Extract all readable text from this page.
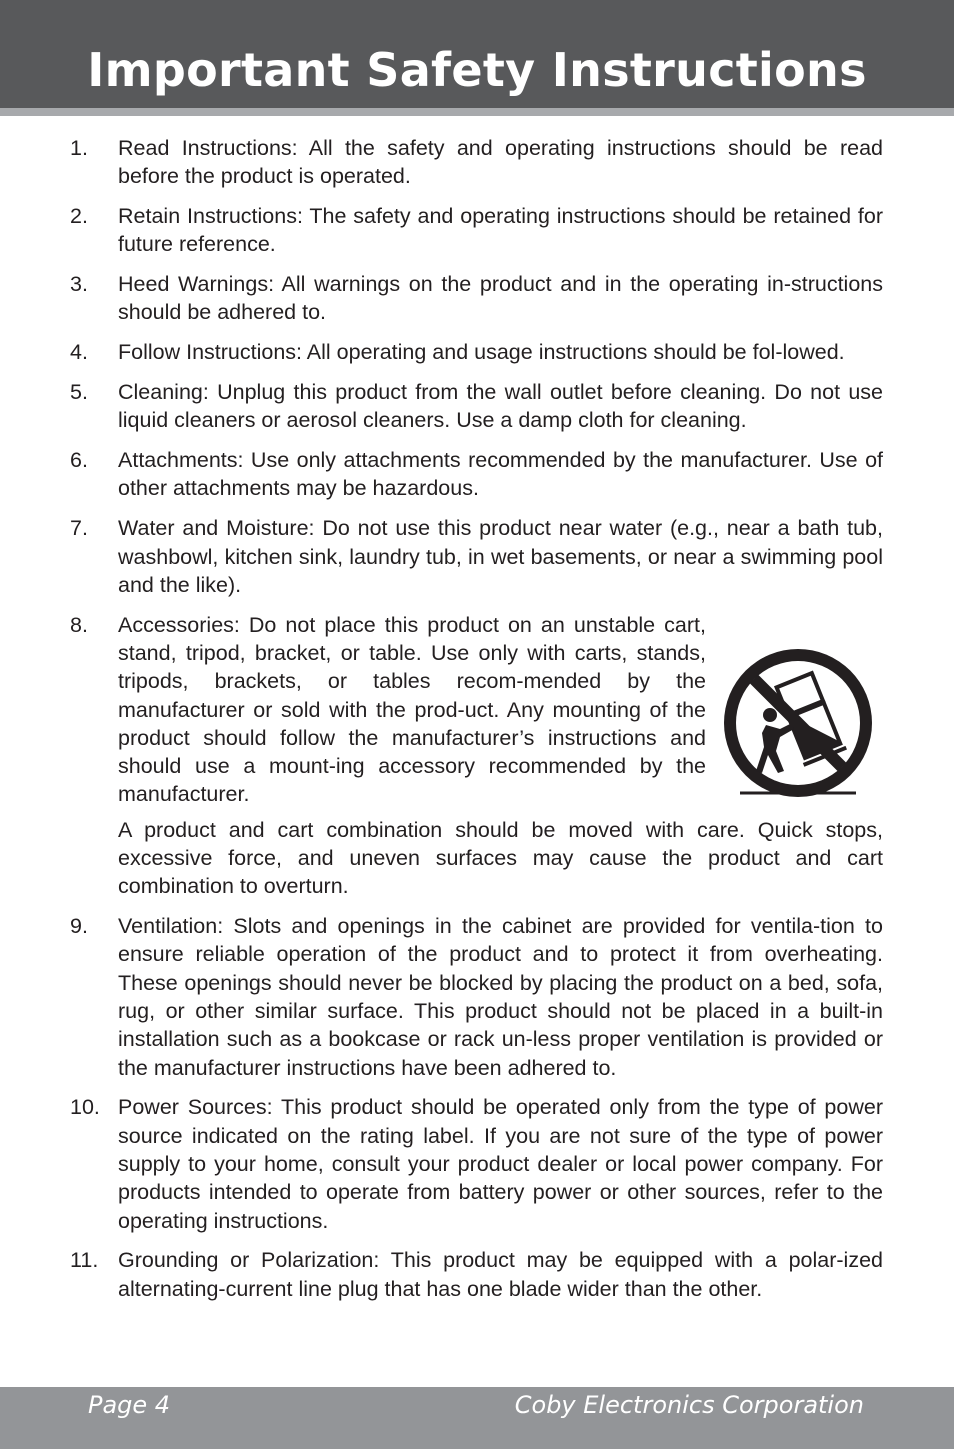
Important Safety Instructions
1. Read Instructions: All the safety and operating instructions should be read before the product is operated.

2. Retain Instructions: The safety and operating instructions should be retained for future reference.

3. Heed Warnings: All warnings on the product and in the operating in-structions should be adhered to.

4. Follow Instructions: All operating and usage instructions should be fol-lowed.

5. Cleaning: Unplug this product from the wall outlet before cleaning. Do not use liquid cleaners or aerosol cleaners. Use a damp cloth for cleaning.

6. Attachments: Use only attachments recommended by the manufacturer. Use of other attachments may be hazardous.

7. Water and Moisture: Do not use this product near water (e.g., near a bath tub, washbowl, kitchen sink, laundry tub, in wet basements, or near a swimming pool and the like).

8. Accessories: Do not place this product on an unstable cart, stand, tripod, bracket, or table. Use only with carts, stands, tripods, brackets, or tables recom-mended by the manufacturer or sold with the prod-uct. Any mounting of the product should follow the manufacturer’s instructions and should use a mount-ing accessory recommended by the manufacturer.

A product and cart combination should be moved with care. Quick stops, excessive force, and uneven surfaces may cause the product and cart combination to overturn.

9. Ventilation: Slots and openings in the cabinet are provided for ventila-tion to ensure reliable operation of the product and to protect it from overheating. These openings should never be blocked by placing the product on a bed, sofa, rug, or other similar surface. This product should not be placed in a built-in installation such as a bookcase or rack un-less proper ventilation is provided or the manufacturer instructions have been adhered to.

10. Power Sources: This product should be operated only from the type of power source indicated on the rating label. If you are not sure of the type of power supply to your home, consult your product dealer or local power company. For products intended to operate from battery power or other sources, refer to the operating instructions.

11. Grounding or Polarization: This product may be equipped with a polar-ized alternating-current line plug that has one blade wider than the other.

Page 4	Coby Electronics Corporation
